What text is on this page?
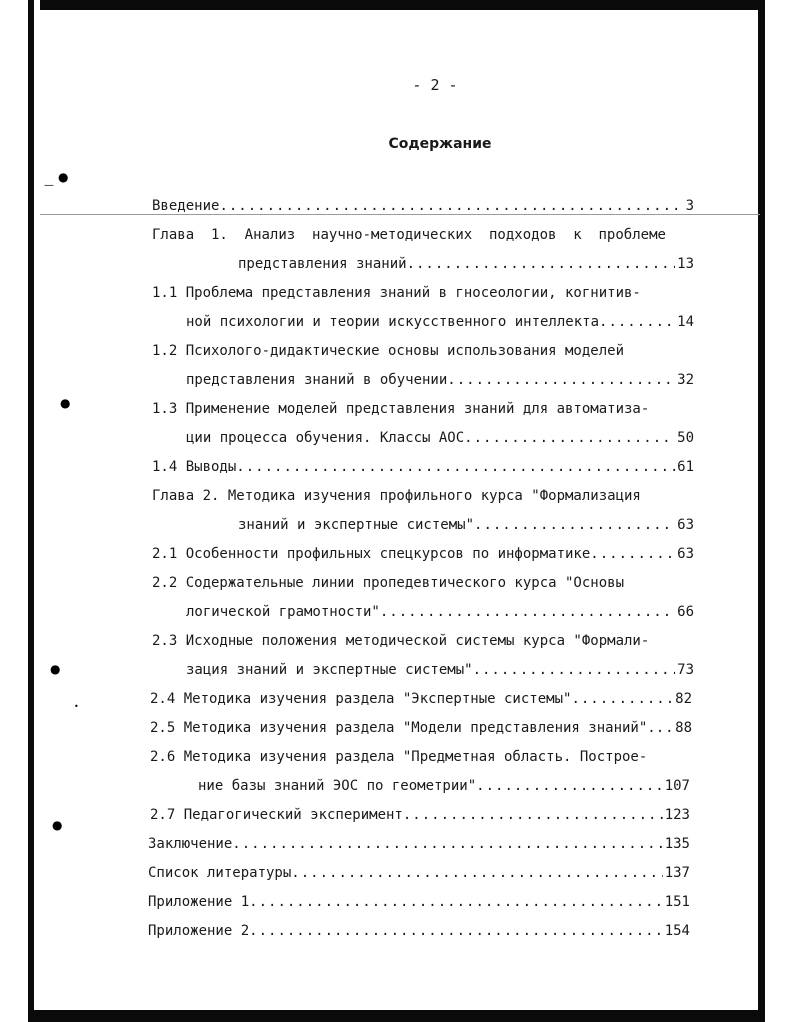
●
—
●
●
•
●
- 2 -
Содержание
Введение .....	3
Глава 1. Анализ научно-методических подходов к проблеме
представления знаний .....	13
1.1 Проблема представления знаний в гносеологии, когнитив-
ной психологии и теории искусственного интеллекта .....	14
1.2 Психолого-дидактические основы использования моделей
представления знаний в обучении .....	32
1.3 Применение моделей представления знаний для автоматиза-
ции процесса обучения. Классы АОС .....	50
1.4 Выводы .....	61
Глава 2. Методика изучения профильного курса "Формализация
знаний и экспертные системы" .....	63
2.1 Особенности профильных спецкурсов по информатике .....	63
2.2 Содержательные линии пропедевтического курса "Основы
логической грамотности" .....	66
2.3 Исходные положения методической системы курса "Формали-
зация знаний и экспертные системы" .....	73
2.4 Методика изучения раздела "Экспертные системы" .....	82
2.5 Методика изучения раздела "Модели представления знаний". ..... 88
2.6 Методика изучения раздела "Предметная область. Построе-
ние базы знаний ЭОС по геометрии" .....	107
2.7 Педагогический эксперимент .....	123
Заключение .....	135
Список литературы .....	137
Приложение 1 .....	151
Приложение 2 .....	154
